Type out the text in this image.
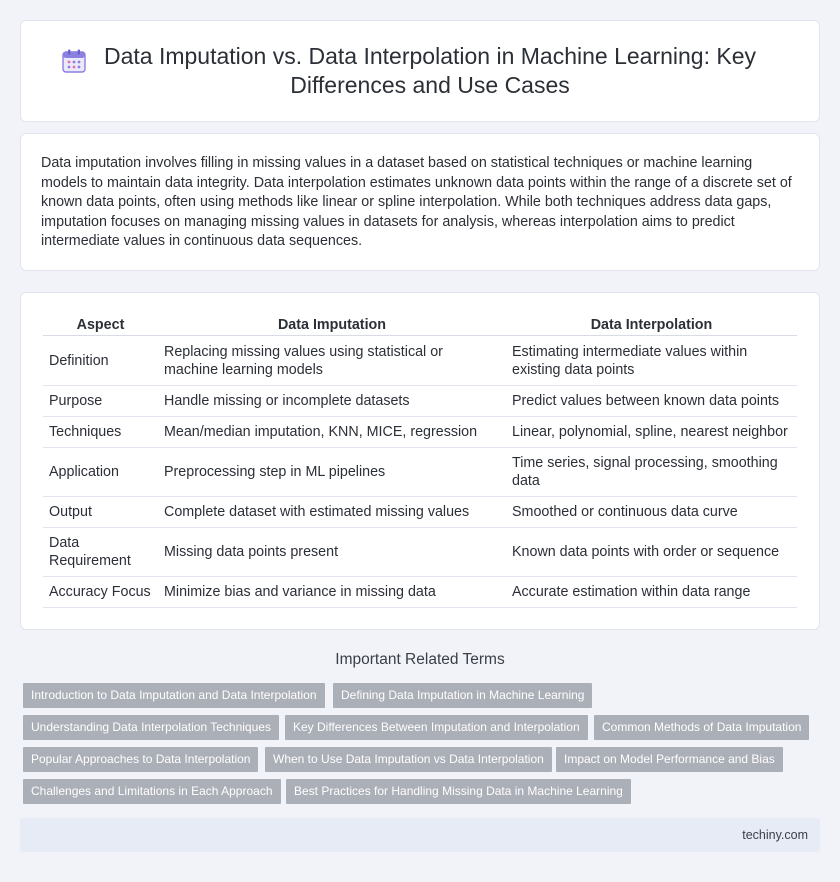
Data Imputation vs. Data Interpolation in Machine Learning: Key Differences and Use Cases

Data imputation involves filling in missing values in a dataset based on statistical techniques or machine learning models to maintain data integrity. Data interpolation estimates unknown data points within the range of a discrete set of known data points, often using methods like linear or spline interpolation. While both techniques address data gaps, imputation focuses on managing missing values in datasets for analysis, whereas interpolation aims to predict intermediate values in continuous data sequences.

Aspect	Data Imputation	Data Interpolation
Definition	Replacing missing values using statistical or machine learning models	Estimating intermediate values within existing data points
Purpose	Handle missing or incomplete datasets	Predict values between known data points
Techniques	Mean/median imputation, KNN, MICE, regression	Linear, polynomial, spline, nearest neighbor
Application	Preprocessing step in ML pipelines	Time series, signal processing, smoothing data
Output	Complete dataset with estimated missing values	Smoothed or continuous data curve
Data Requirement	Missing data points present	Known data points with order or sequence
Accuracy Focus	Minimize bias and variance in missing data	Accurate estimation within data range
Important Related Terms
Introduction to Data Imputation and Data Interpolation	Defining Data Imputation in Machine Learning
Understanding Data Interpolation Techniques	Key Differences Between Imputation and Interpolation	Common Methods of Data Imputation
Popular Approaches to Data Interpolation	When to Use Data Imputation vs Data Interpolation	Impact on Model Performance and Bias
Challenges and Limitations in Each Approach	Best Practices for Handling Missing Data in Machine Learning
techiny.com
